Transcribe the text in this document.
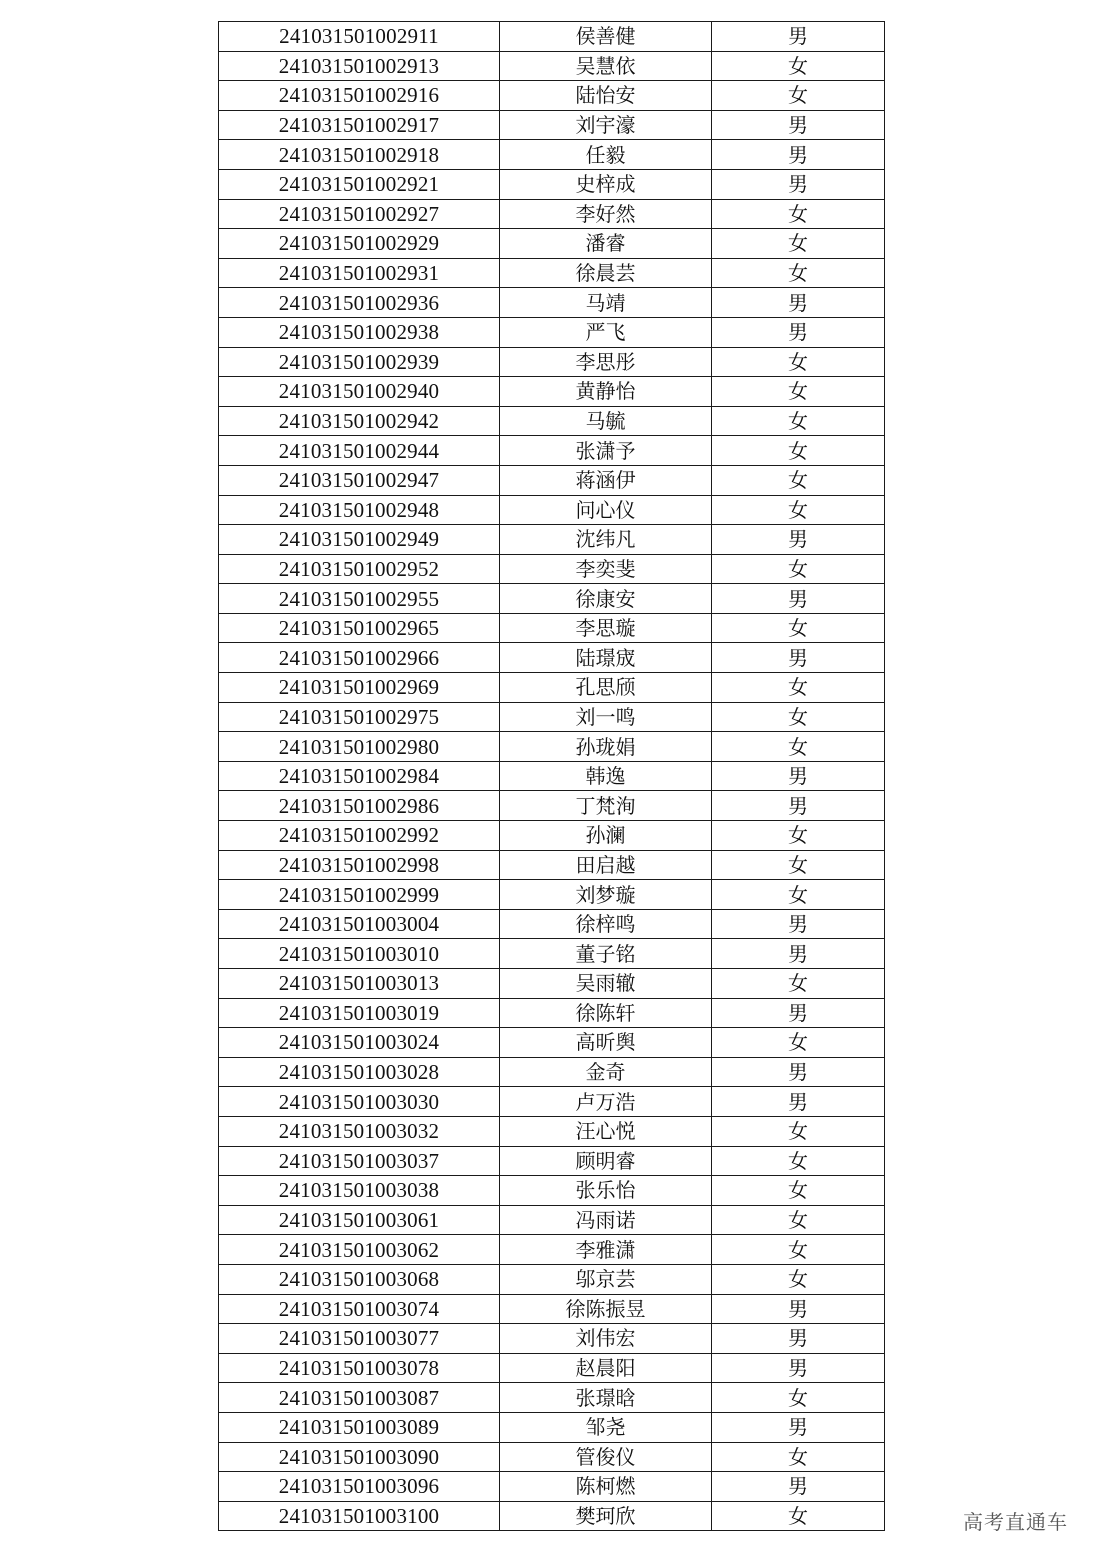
241031501002911	侯善健	男
241031501002913	吴慧依	女
241031501002916	陆怡安	女
241031501002917	刘宇濠	男
241031501002918	任毅	男
241031501002921	史梓成	男
241031501002927	李好然	女
241031501002929	潘睿	女
241031501002931	徐晨芸	女
241031501002936	马靖	男
241031501002938	严飞	男
241031501002939	李思彤	女
241031501002940	黄静怡	女
241031501002942	马毓	女
241031501002944	张潇予	女
241031501002947	蒋涵伊	女
241031501002948	问心仪	女
241031501002949	沈纬凡	男
241031501002952	李奕斐	女
241031501002955	徐康安	男
241031501002965	李思璇	女
241031501002966	陆璟宬	男
241031501002969	孔思颀	女
241031501002975	刘一鸣	女
241031501002980	孙珑娟	女
241031501002984	韩逸	男
241031501002986	丁梵洵	男
241031501002992	孙澜	女
241031501002998	田启越	女
241031501002999	刘梦璇	女
241031501003004	徐梓鸣	男
241031501003010	董子铭	男
241031501003013	吴雨辙	女
241031501003019	徐陈轩	男
241031501003024	高昕舆	女
241031501003028	金奇	男
241031501003030	卢万浩	男
241031501003032	汪心悦	女
241031501003037	顾明睿	女
241031501003038	张乐怡	女
241031501003061	冯雨诺	女
241031501003062	李雅潇	女
241031501003068	邬京芸	女
241031501003074	徐陈振昱	男
241031501003077	刘伟宏	男
241031501003078	赵晨阳	男
241031501003087	张璟晗	女
241031501003089	邹尧	男
241031501003090	管俊仪	女
241031501003096	陈柯燃	男
241031501003100	樊珂欣	女	高考直通车
